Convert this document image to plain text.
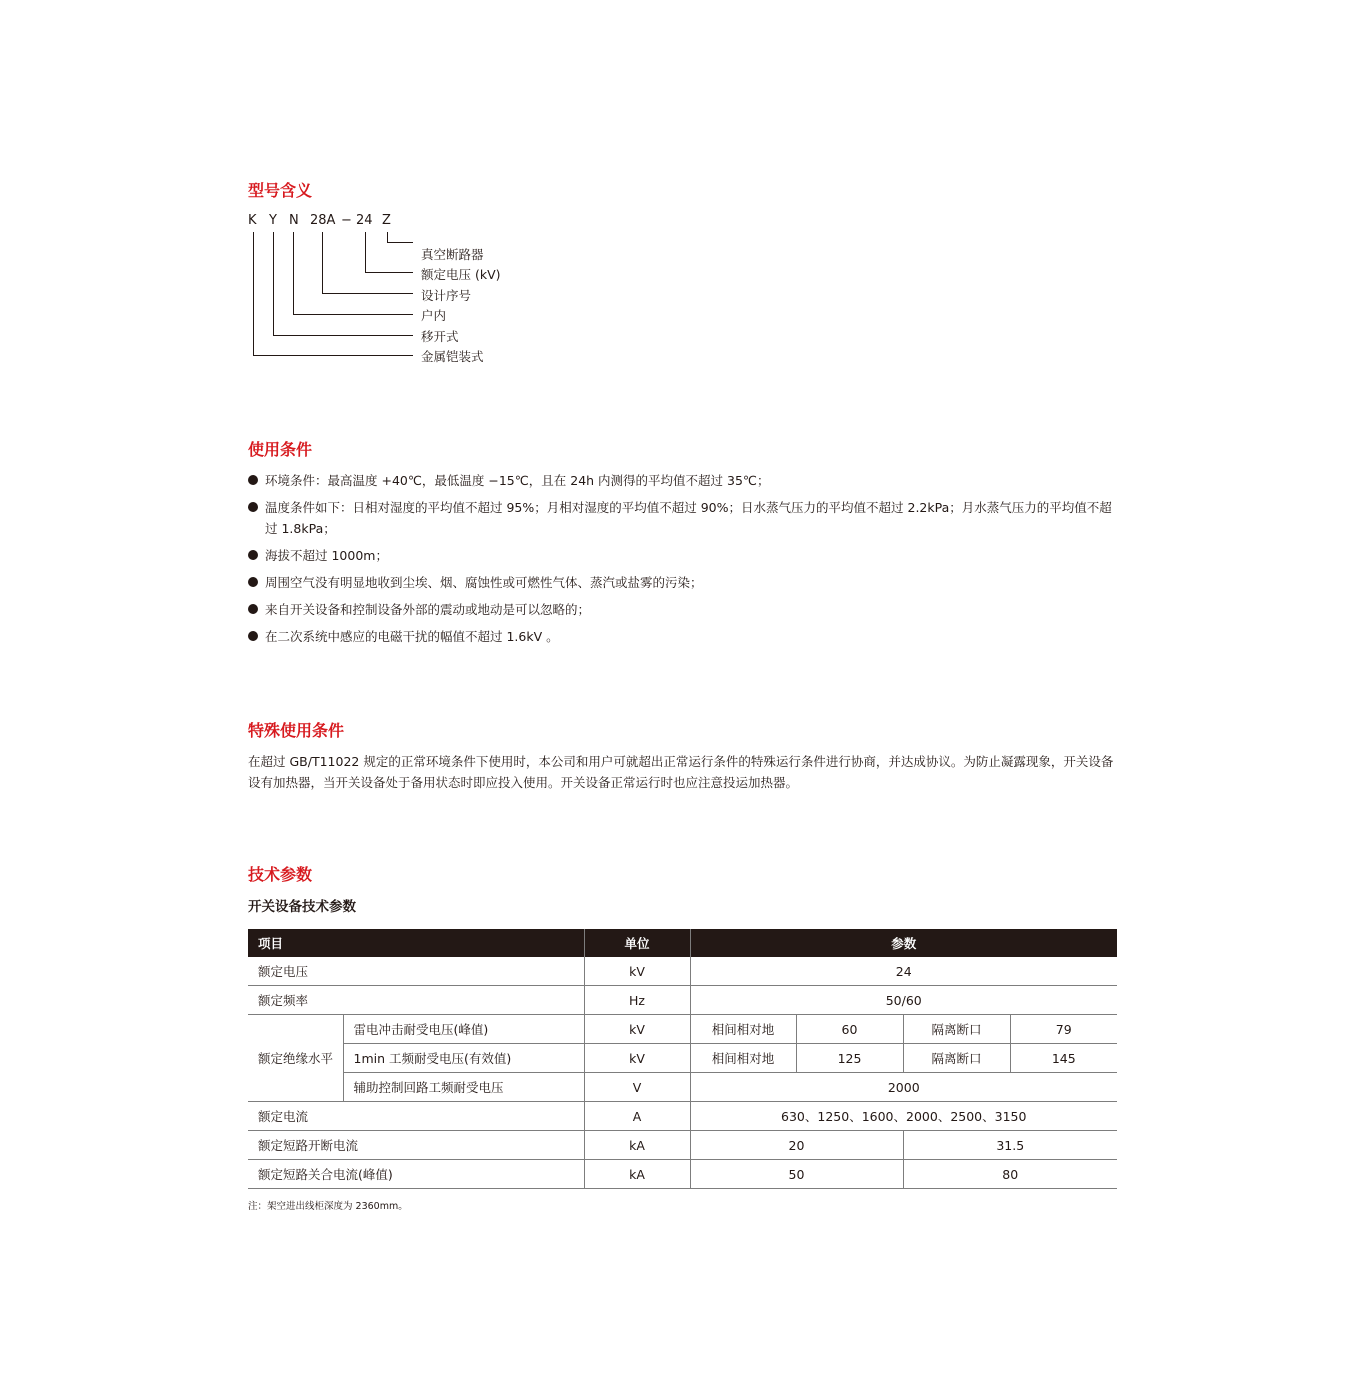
型号含义
K Y N 28A − 24 Z
真空断路器
额定电压 (kV)
设计序号
户内
移开式
金属铠装式
使用条件
环境条件：最高温度 +40℃，最低温度 −15℃，且在 24h 内测得的平均值不超过 35℃；
温度条件如下：日相对湿度的平均值不超过 95%；月相对湿度的平均值不超过 90%；日水蒸气压力的平均值不超过 2.2kPa；月水蒸气压力的平均值不超过 1.8kPa；
海拔不超过 1000m；
周围空气没有明显地收到尘埃、烟、腐蚀性或可燃性气体、蒸汽或盐雾的污染；
来自开关设备和控制设备外部的震动或地动是可以忽略的；
在二次系统中感应的电磁干扰的幅值不超过 1.6kV 。
特殊使用条件

在超过 GB/T11022 规定的正常环境条件下使用时，本公司和用户可就超出正常运行条件的特殊运行条件进行协商，并达成协议。为防止凝露现象，开关设备设有加热器，当开关设备处于备用状态时即应投入使用。开关设备正常运行时也应注意投运加热器。

技术参数
开关设备技术参数
项目		单位	参数			
额定电压		kV	24			
额定频率		Hz	50/60			
额定绝缘水平	雷电冲击耐受电压(峰值)	kV	相间相对地	60	隔离断口	79
	1min 工频耐受电压(有效值)	kV	相间相对地	125	隔离断口	145
	辅助控制回路工频耐受电压	V	2000			
额定电流		A	630、1250、1600、2000、2500、3150			
额定短路开断电流		kA	20		31.5	
额定短路关合电流(峰值)		kA	50		80	

注：架空进出线柜深度为 2360mm。
